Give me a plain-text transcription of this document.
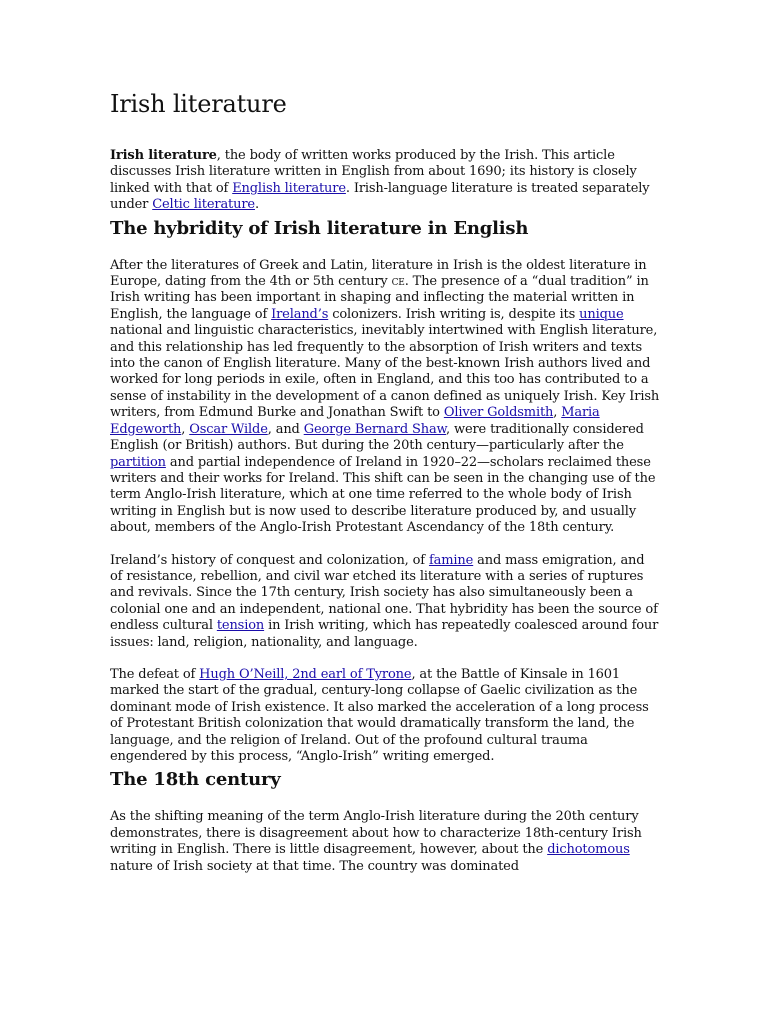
Irish literature

Irish literature, the body of written works produced by the Irish. This article discusses Irish literature written in English from about 1690; its history is closely linked with that of English literature. Irish-language literature is treated separately under Celtic literature.

The hybridity of Irish literature in English

After the literatures of Greek and Latin, literature in Irish is the oldest literature in Europe, dating from the 4th or 5th century ce. The presence of a “dual tradition” in Irish writing has been important in shaping and inflecting the material written in English, the language of Ireland’s colonizers. Irish writing is, despite its unique national and linguistic characteristics, inevitably intertwined with English literature, and this relationship has led frequently to the absorption of Irish writers and texts into the canon of English literature. Many of the best-known Irish authors lived and worked for long periods in exile, often in England, and this too has contributed to a sense of instability in the development of a canon defined as uniquely Irish. Key Irish writers, from Edmund Burke and Jonathan Swift to Oliver Goldsmith, Maria Edgeworth, Oscar Wilde, and George Bernard Shaw, were traditionally considered English (or British) authors. But during the 20th century—particularly after the partition and partial independence of Ireland in 1920–22—scholars reclaimed these writers and their works for Ireland. This shift can be seen in the changing use of the term Anglo-Irish literature, which at one time referred to the whole body of Irish writing in English but is now used to describe literature produced by, and usually about, members of the Anglo-Irish Protestant Ascendancy of the 18th century.

Ireland’s history of conquest and colonization, of famine and mass emigration, and of resistance, rebellion, and civil war etched its literature with a series of ruptures and revivals. Since the 17th century, Irish society has also simultaneously been a colonial one and an independent, national one. That hybridity has been the source of endless cultural tension in Irish writing, which has repeatedly coalesced around four issues: land, religion, nationality, and language.

The defeat of Hugh O’Neill, 2nd earl of Tyrone, at the Battle of Kinsale in 1601 marked the start of the gradual, century-long collapse of Gaelic civilization as the dominant mode of Irish existence. It also marked the acceleration of a long process of Protestant British colonization that would dramatically transform the land, the language, and the religion of Ireland. Out of the profound cultural trauma engendered by this process, “Anglo-Irish” writing emerged.

The 18th century

As the shifting meaning of the term Anglo-Irish literature during the 20th century demonstrates, there is disagreement about how to characterize 18th-century Irish writing in English. There is little disagreement, however, about the dichotomous nature of Irish society at that time. The country was dominated
